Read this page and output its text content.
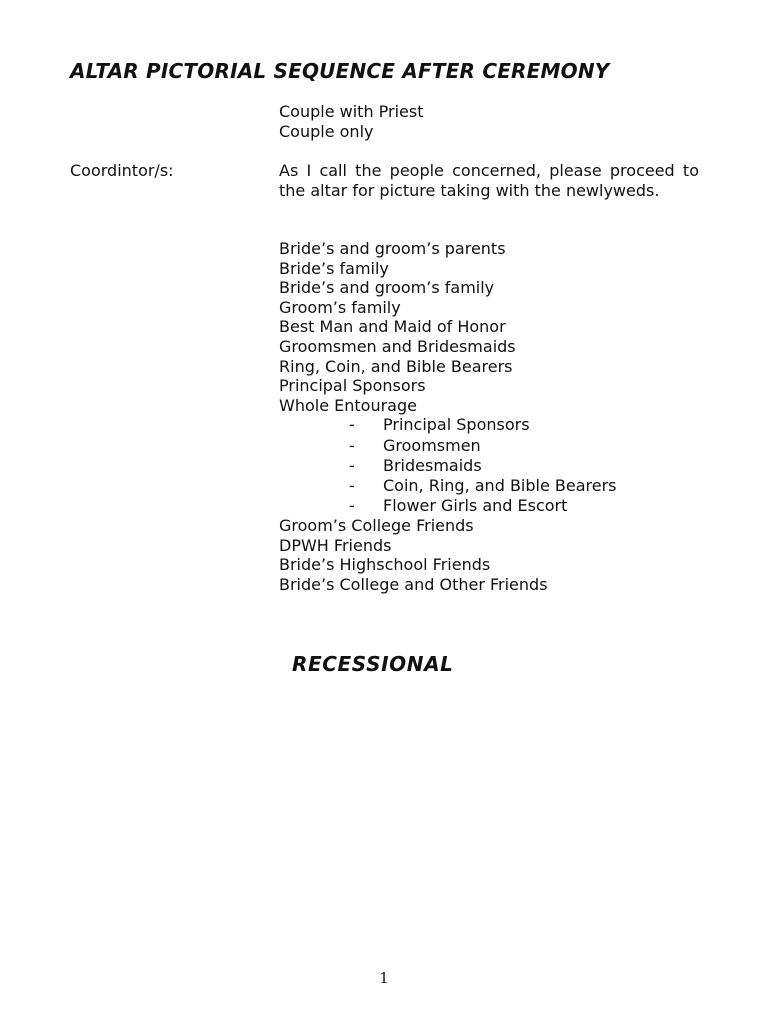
ALTAR PICTORIAL SEQUENCE AFTER CEREMONY
Couple with Priest
Couple only
Coordintor/s:	As I call the people concerned, please proceed to the altar for picture taking with the newlyweds.
Bride’s and groom’s parents
Bride’s family
Bride’s and groom’s family
Groom’s family
Best Man and Maid of Honor
Groomsmen and Bridesmaids
Ring, Coin, and Bible Bearers
Principal Sponsors
Whole Entourage
- Principal Sponsors
- Groomsmen
- Bridesmaids
- Coin, Ring, and Bible Bearers
- Flower Girls and Escort
Groom’s College Friends
DPWH Friends
Bride’s Highschool Friends
Bride’s College and Other Friends
RECESSIONAL
1
